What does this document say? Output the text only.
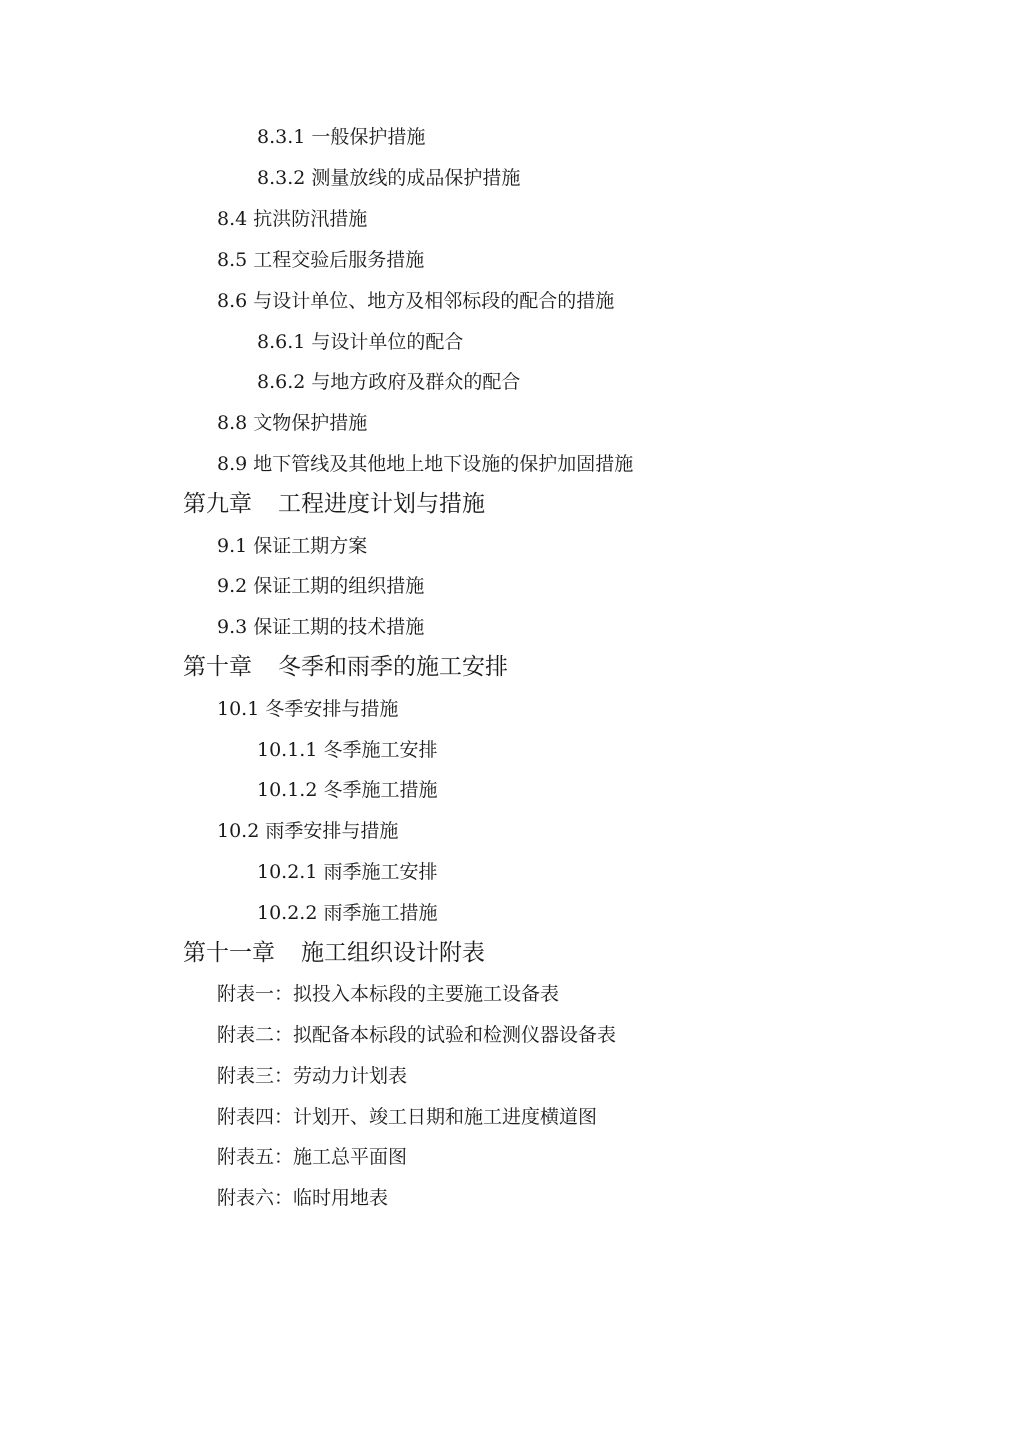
8.3.1 一般保护措施
8.3.2 测量放线的成品保护措施
8.4 抗洪防汛措施
8.5 工程交验后服务措施
8.6 与设计单位、地方及相邻标段的配合的措施
8.6.1 与设计单位的配合
8.6.2 与地方政府及群众的配合
8.8 文物保护措施
8.9 地下管线及其他地上地下设施的保护加固措施
第九章 工程进度计划与措施
9.1 保证工期方案
9.2 保证工期的组织措施
9.3 保证工期的技术措施
第十章 冬季和雨季的施工安排
10.1 冬季安排与措施
10.1.1 冬季施工安排
10.1.2 冬季施工措施
10.2 雨季安排与措施
10.2.1 雨季施工安排
10.2.2 雨季施工措施
第十一章 施工组织设计附表
附表一：拟投入本标段的主要施工设备表
附表二：拟配备本标段的试验和检测仪器设备表
附表三：劳动力计划表
附表四：计划开、竣工日期和施工进度横道图
附表五：施工总平面图
附表六：临时用地表
